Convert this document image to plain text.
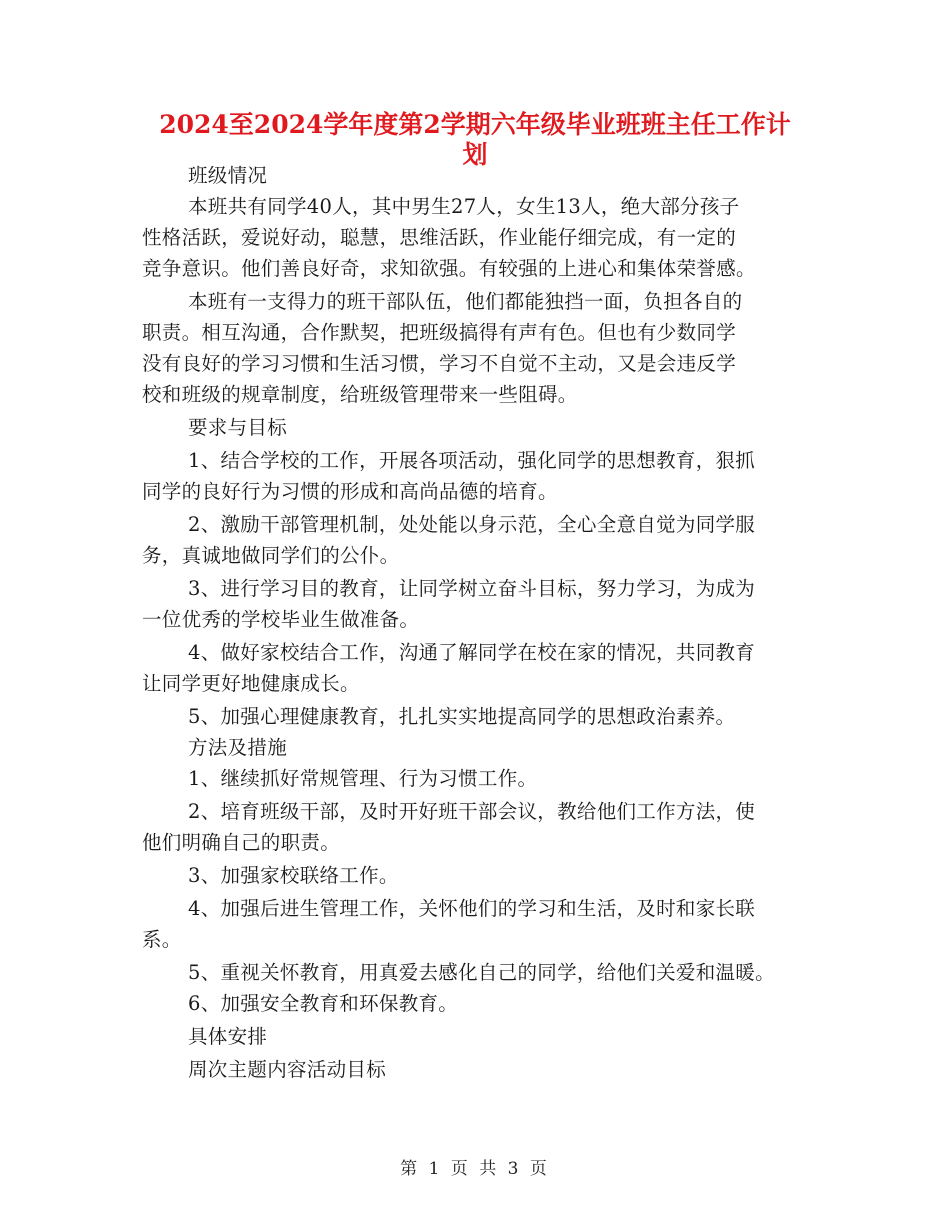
2024至2024学年度第2学期六年级毕业班班主任工作计
划

班级情况

本班共有同学40人，其中男生27人，女生13人，绝大部分孩子

性格活跃，爱说好动，聪慧，思维活跃，作业能仔细完成，有一定的

竞争意识。他们善良好奇，求知欲强。有较强的上进心和集体荣誉感。

本班有一支得力的班干部队伍，他们都能独挡一面，负担各自的

职责。相互沟通，合作默契，把班级搞得有声有色。但也有少数同学

没有良好的学习习惯和生活习惯，学习不自觉不主动，又是会违反学

校和班级的规章制度，给班级管理带来一些阻碍。

要求与目标

1、结合学校的工作，开展各项活动，强化同学的思想教育，狠抓

同学的良好行为习惯的形成和高尚品德的培育。

2、激励干部管理机制，处处能以身示范，全心全意自觉为同学服

务，真诚地做同学们的公仆。

3、进行学习目的教育，让同学树立奋斗目标，努力学习，为成为

一位优秀的学校毕业生做准备。

4、做好家校结合工作，沟通了解同学在校在家的情况，共同教育

让同学更好地健康成长。

5、加强心理健康教育，扎扎实实地提高同学的思想政治素养。

方法及措施

1、继续抓好常规管理、行为习惯工作。

2、培育班级干部，及时开好班干部会议，教给他们工作方法，使

他们明确自己的职责。

3、加强家校联络工作。

4、加强后进生管理工作，关怀他们的学习和生活，及时和家长联

系。

5、重视关怀教育，用真爱去感化自己的同学，给他们关爱和温暖。

6、加强安全教育和环保教育。

具体安排

周次主题内容活动目标

第 1 页 共 3 页
